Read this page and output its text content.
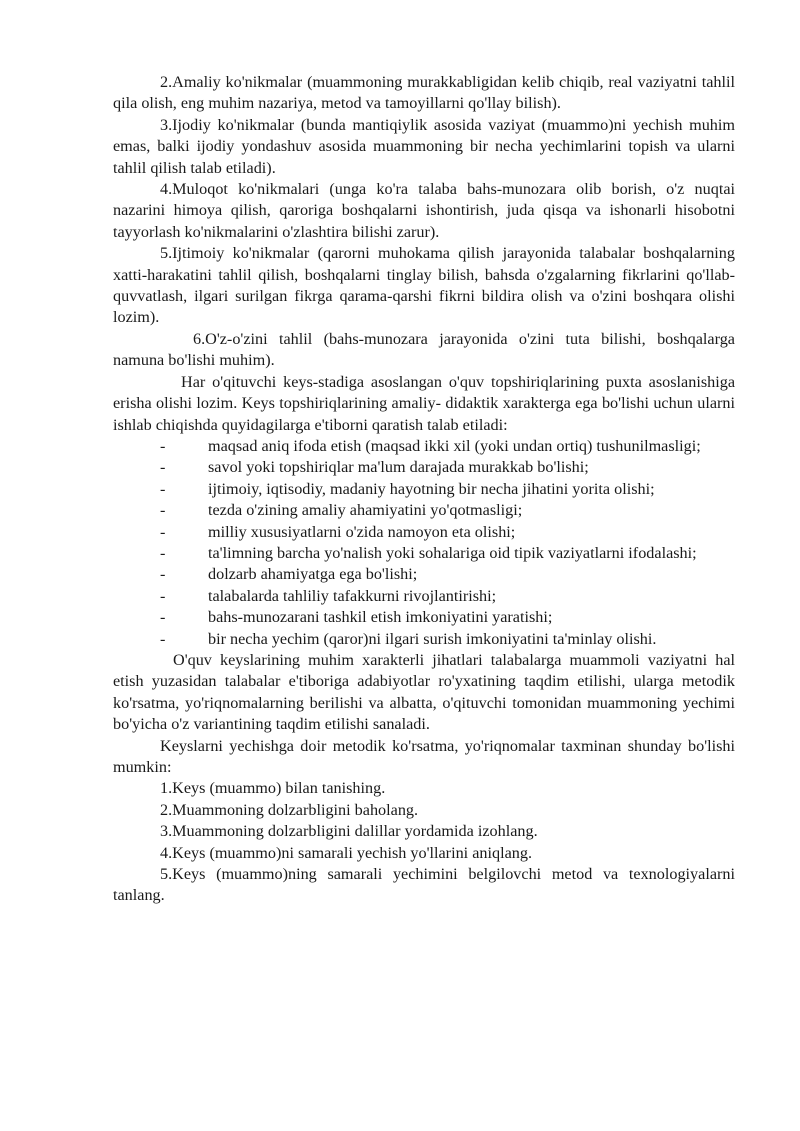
2.Amaliy ko'nikmalar (muammoning murakkabligidan kelib chiqib, real vaziyatni tahlil qila olish, eng muhim nazariya, metod va tamoyillarni qo'llay bilish).

3.Ijodiy ko'nikmalar (bunda mantiqiylik asosida vaziyat (muammo)ni yechish muhim emas, balki ijodiy yondashuv asosida muammoning bir necha yechimlarini topish va ularni tahlil qilish talab etiladi).

4.Muloqot ko'nikmalari (unga ko'ra talaba bahs-munozara olib borish, o'z nuqtai nazarini himoya qilish, qaroriga boshqalarni ishontirish, juda qisqa va ishonarli hisobotni tayyorlash ko'nikmalarini o'zlashtira bilishi zarur).

5.Ijtimoiy ko'nikmalar (qarorni muhokama qilish jarayonida talabalar boshqalarning xatti-harakatini tahlil qilish, boshqalarni tinglay bilish, bahsda o'zgalarning fikrlarini qo'llab-quvvatlash, ilgari surilgan fikrga qarama-qarshi fikrni bildira olish va o'zini boshqara olishi lozim).

6.O'z-o'zini tahlil (bahs-munozara jarayonida o'zini tuta bilishi, boshqalarga namuna bo'lishi muhim).

Har o'qituvchi keys-stadiga asoslangan o'quv topshiriqlarining puxta asoslanishiga erisha olishi lozim. Keys topshiriqlarining amaliy- didaktik xarakterga ega bo'lishi uchun ularni ishlab chiqishda quyidagilarga e'tiborni qaratish talab etiladi:

-	maqsad aniq ifoda etish (maqsad ikki xil (yoki undan ortiq) tushunilmasligi;

-	savol yoki topshiriqlar ma'lum darajada murakkab bo'lishi;

-	ijtimoiy, iqtisodiy, madaniy hayotning bir necha jihatini yorita olishi;

-	tezda o'zining amaliy ahamiyatini yo'qotmasligi;

-	milliy xususiyatlarni o'zida namoyon eta olishi;

-	ta'limning barcha yo'nalish yoki sohalariga oid tipik vaziyatlarni ifodalashi;

-	dolzarb ahamiyatga ega bo'lishi;

-	talabalarda tahliliy tafakkurni rivojlantirishi;

-	bahs-munozarani tashkil etish imkoniyatini yaratishi;

-	bir necha yechim (qaror)ni ilgari surish imkoniyatini ta'minlay olishi.

O'quv keyslarining muhim xarakterli jihatlari talabalarga muammoli vaziyatni hal etish yuzasidan talabalar e'tiboriga adabiyotlar ro'yxatining taqdim etilishi, ularga metodik ko'rsatma, yo'riqnomalarning berilishi va albatta, o'qituvchi tomonidan muammoning yechimi bo'yicha o'z variantining taqdim etilishi sanaladi.

Keyslarni yechishga doir metodik ko'rsatma, yo'riqnomalar taxminan shunday bo'lishi mumkin:

1.Keys (muammo) bilan tanishing.

2.Muammoning dolzarbligini baholang.

3.Muammoning dolzarbligini dalillar yordamida izohlang.

4.Keys (muammo)ni samarali yechish yo'llarini aniqlang.

5.Keys (muammo)ning samarali yechimini belgilovchi metod va texnologiyalarni tanlang.
